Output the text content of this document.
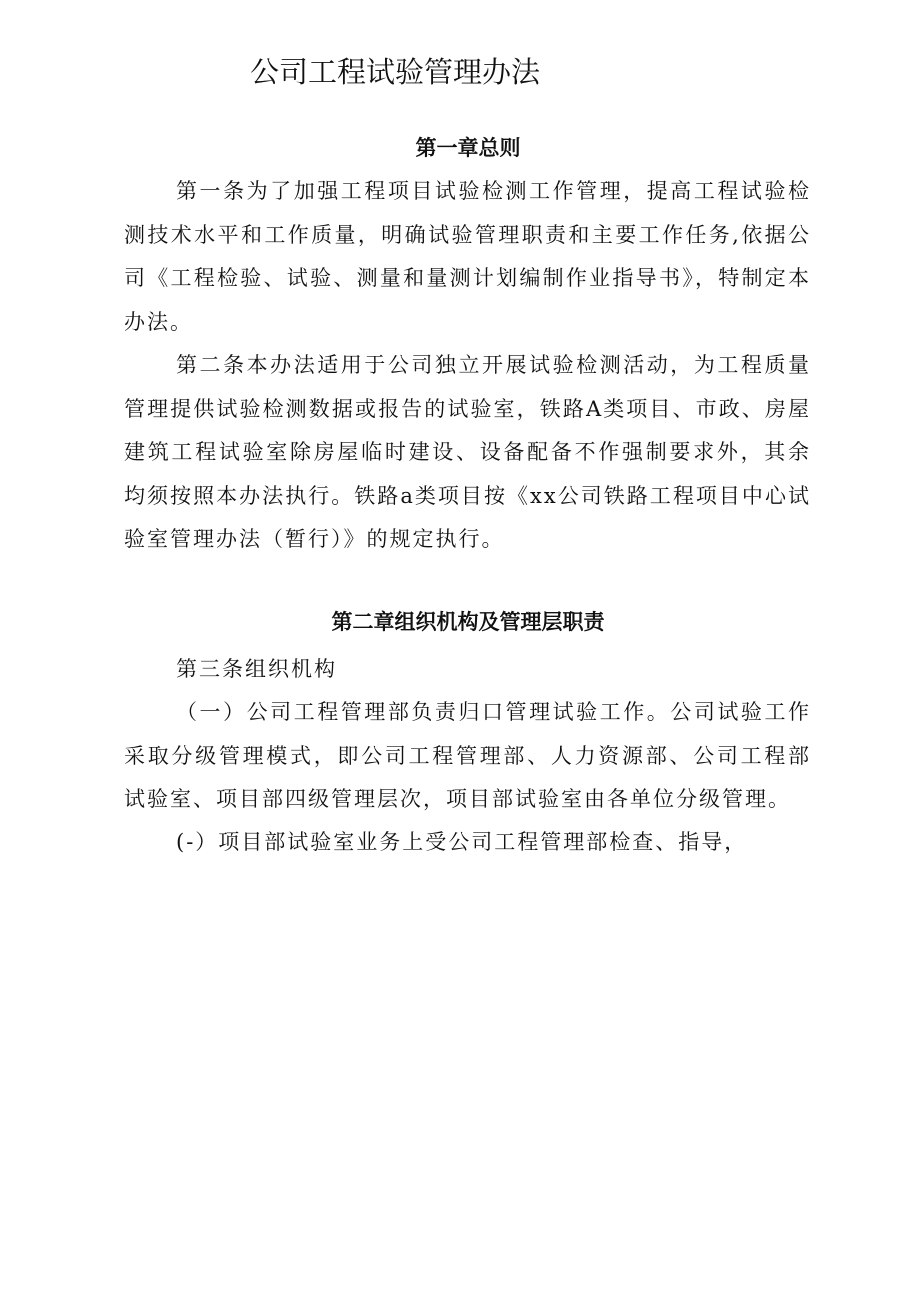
公司工程试验管理办法
第一章总则

第一条为了加强工程项目试验检测工作管理，提高工程试验检测技术水平和工作质量，明确试验管理职责和主要工作任务,依据公司《工程检验、试验、测量和量测计划编制作业指导书》，特制定本办法。

第二条本办法适用于公司独立开展试验检测活动，为工程质量管理提供试验检测数据或报告的试验室，铁路A类项目、市政、房屋建筑工程试验室除房屋临时建设、设备配备不作强制要求外，其余均须按照本办法执行。铁路a类项目按《xx公司铁路工程项目中心试验室管理办法（暂行）》的规定执行。

第二章组织机构及管理层职责

第三条组织机构

（一）公司工程管理部负责归口管理试验工作。公司试验工作采取分级管理模式，即公司工程管理部、人力资源部、公司工程部试验室、项目部四级管理层次，项目部试验室由各单位分级管理。

(-）项目部试验室业务上受公司工程管理部检查、指导，
